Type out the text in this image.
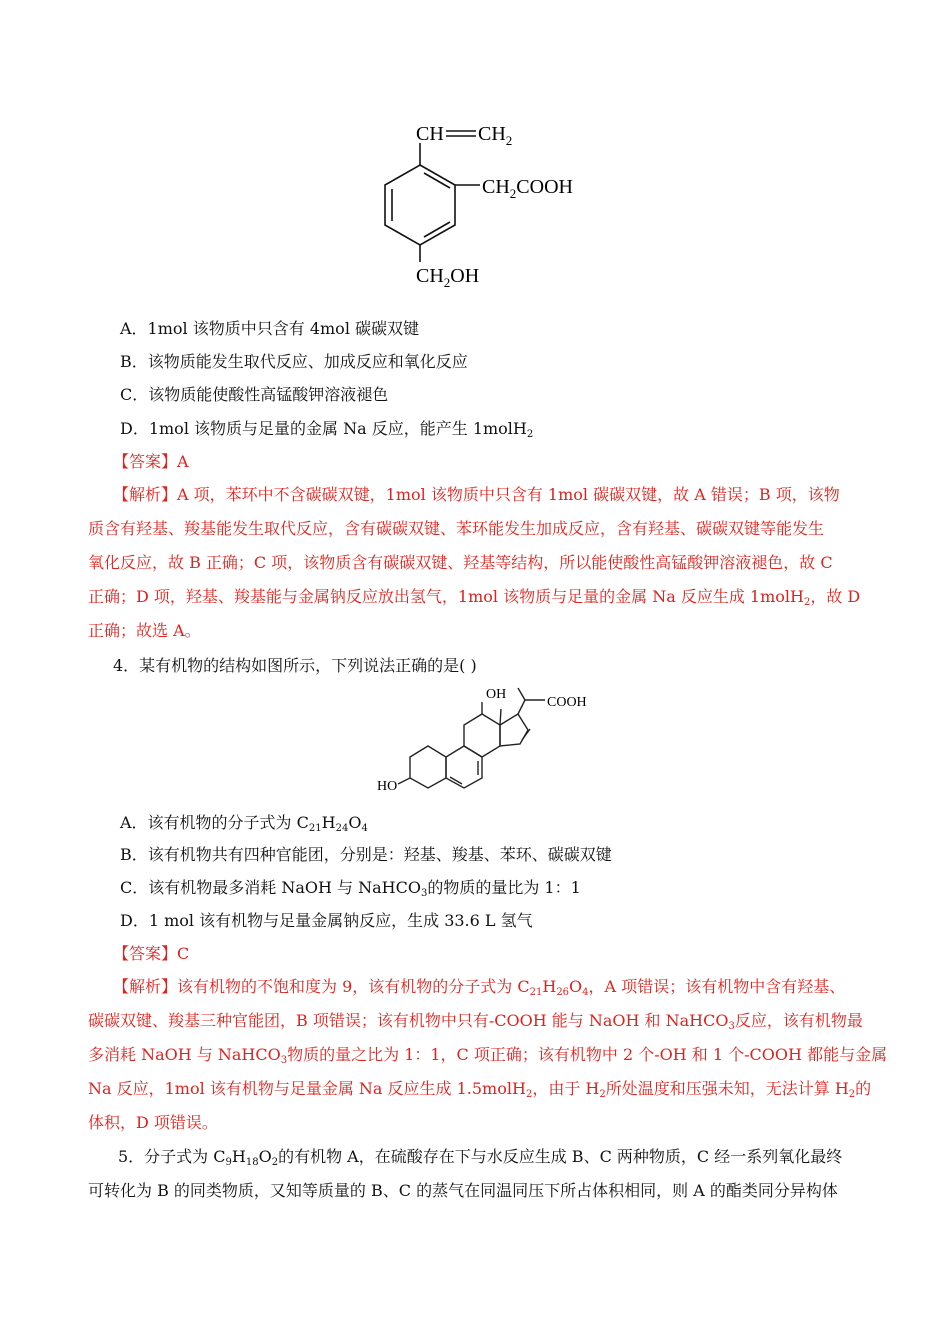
CH $CH_2$
$CH_2COOH$
$CH_2OH$
A．1mol 该物质中只含有 4mol 碳碳双键
B．该物质能发生取代反应、加成反应和氧化反应
C．该物质能使酸性高锰酸钾溶液褪色
D．1mol 该物质与足量的金属 Na 反应，能产生 1molH$_2$
【答案】A
【解析】A 项，苯环中不含碳碳双键，1mol 该物质中只含有 1mol 碳碳双键，故 A 错误；B 项，该物
质含有羟基、羧基能发生取代反应，含有碳碳双键、苯环能发生加成反应，含有羟基、碳碳双键等能发生
氧化反应，故 B 正确；C 项，该物质含有碳碳双键、羟基等结构，所以能使酸性高锰酸钾溶液褪色，故 C
正确；D 项，羟基、羧基能与金属钠反应放出氢气，1mol 该物质与足量的金属 Na 反应生成 1molH$_2$，故 D
正确；故选 A。
4．某有机物的结构如图所示，下列说法正确的是( )
OH
COOH
HO
A．该有机物的分子式为 $C_{21}H_{24}O_4$
B．该有机物共有四种官能团，分别是：羟基、羧基、苯环、碳碳双键
C．该有机物最多消耗 NaOH 与 NaHCO$_3$的物质的量比为 1：1
D．1 mol 该有机物与足量金属钠反应，生成 33.6 L 氢气
【答案】C
【解析】该有机物的不饱和度为 9，该有机物的分子式为 $C_{21}H_{26}O_4$，A 项错误；该有机物中含有羟基、
碳碳双键、羧基三种官能团，B 项错误；该有机物中只有-COOH 能与 NaOH 和 NaHCO$_3$反应，该有机物最
多消耗 NaOH 与 NaHCO$_3$物质的量之比为 1：1，C 项正确；该有机物中 2 个-OH 和 1 个-COOH 都能与金属
Na 反应，1mol 该有机物与足量金属 Na 反应生成 1.5molH$_2$，由于 $H_2$所处温度和压强未知，无法计算 $H_2$的
体积，D 项错误。
5．分子式为 $C_9H_{18}O_2$的有机物 A，在硫酸存在下与水反应生成 B、C 两种物质，C 经一系列氧化最终
可转化为 B 的同类物质，又知等质量的 B、C 的蒸气在同温同压下所占体积相同，则 A 的酯类同分异构体
